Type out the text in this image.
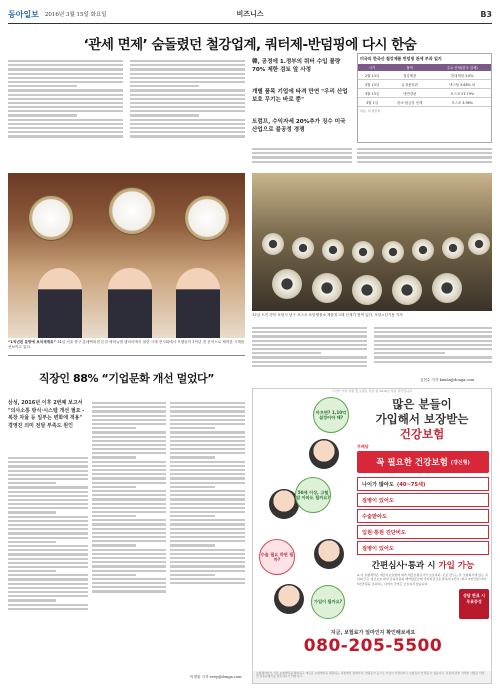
동아일보 2016년 3월 15일 화요일	비즈니스	B3
‘관세 면제’ 숨돌렸던 철강업계, 쿼터제-반덤핑에 다시 한숨
韓, 공정에 1.정부의 쿼터 수입 물량 70% 제한 검토 앞 사정
개별 품목 기업에 타격 만연 "우리 산업 보호 무기는 바로 뿐"
트럼프, 수익자세 20%추가 징수 미국 산업으로 불공정 경쟁
미국의 한국산 철강제품 반덤핑 관세 부과 일지
시기	품목	주요 산세(한국 업체)
2월 13일	철강제품	현대제철 3.8%
3월 13일	유정용강관	넥스틸 5.68% 외
3월 13일	냉연강판	포스코 21.79%
3월 1일	탄소·합금강 선재	포스코 3.96%
자료: 미 상무부
“1억년된 분량에 보석세계로” 14일 서울 중구 롯데백화점 본점 에비뉴엘 갤러리에서 열린 시계 전시회에서 모델들이 1억년 전 운석으로 제작한 시계를 선보이고 있다.
13일 오전 경북 포항시 남구 포스코 포항제철소 제품창고에 선재가 쌓여 있다. 포항=김기용 기자
김현수 기자 kimhs@donga.com
직장인 88% “기업문화 개선 멀었다”
삼성, 2016년 이후 2번째 보고서 "의사소통 방식·시스템 개선 필요 -복장 자율 등 일부는 변화에 적용" 경영진 의미 전달 부족도 원인
이샘물 기자 evey@donga.com
무진단 가입 상품 월 보험료 부담 현 2016년 상품 관련입니다
아프면? 1,10억 설정어야 해?
50세 이상, 고혈압 아파도 될까요?
수술 필요 하면 될까?
가입이 될까요?
많은 분들이
가입해서 보장받는
건강보험
무배당
꼭 필요한 건강보험
(갱신형)
나이가 많아도 (40~75세)
질병이 있어도
수술받아도
입원·통원 진단비도
질병이 있어도
간편심사·통과 시 가입 가능
※ 이 보험계약은 예금자보호법에 따라 예금보험공사가 보호하되, 보호 한도는 본 보험회사에 있는 귀하의 모든 예금보호 대상 금융상품의 해약환급금에 기타지급금을 합하여 1인당 "최고 5천만원"이며, 5천만원을 초과하는 나머지 금액은 보호하지 않습니다.
상담 완료 시
무료증정
지금, 보험료가 얼마인지 확인해보세요
080-205-5500
보험계약자가 기존 보험계약을 해지하고 새로운 보험계약을 체결하는 과정에서 질병이력, 연령증가 등으로 가입이 거절되거나 보험료가 인상될 수 있습니다. 상품에 관한 자세한 사항은 약관 및 상품설명서를 참조하시기 바랍니다.
